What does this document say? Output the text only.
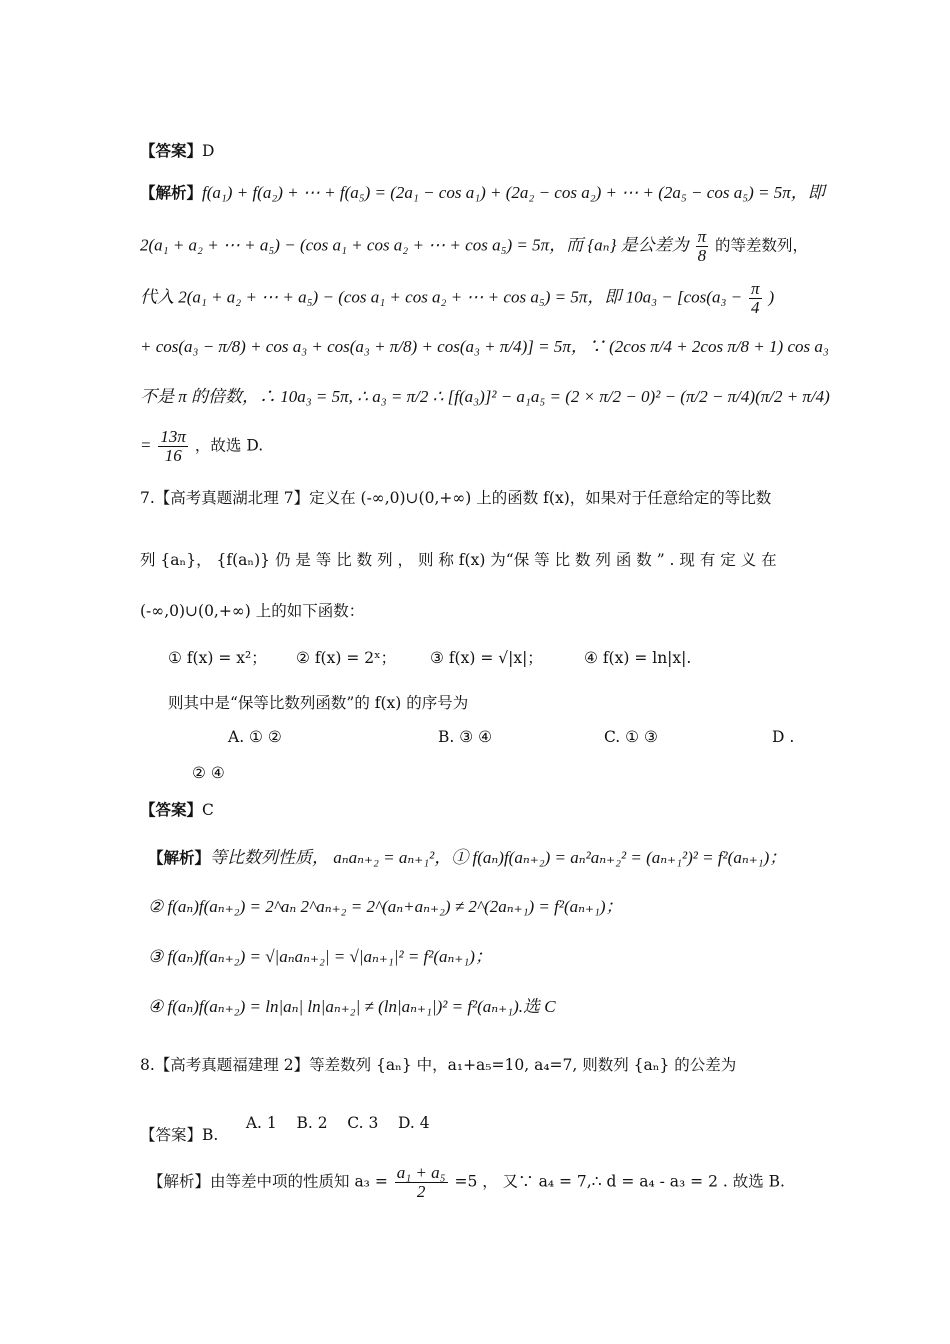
【答案】D
【解析】f(a₁) + f(a₂) + ⋯ + f(a₅) = (2a₁ − cos a₁) + (2a₂ − cos a₂) + ⋯ + (2a₅ − cos a₅) = 5π，即
2(a₁ + a₂ + ⋯ + a₅) − (cos a₁ + cos a₂ + ⋯ + cos a₅) = 5π，而 {aₙ} 是公差为 $\frac{\pi}{8}$ 的等差数列，
代入 2(a₁ + a₂ + ⋯ + a₅) − (cos a₁ + cos a₂ + ⋯ + cos a₅) = 5π，即 $10a_3 - [\cos(a_3 - \frac{\pi}{4}$ )
+ cos(a₃ − π/8) + cos a₃ + cos(a₃ + π/8) + cos(a₃ + π/4)] = 5π，∵ (2cos π/4 + 2cos π/8 + 1) cos a₃
不是 π 的倍数，∴ 10a₃ = 5π, ∴ a₃ = π/2 ∴ [f(a₃)]² − a₁a₅ = (2 × π/2 − 0)² − (π/2 − π/4)(π/2 + π/4)
= $\frac{13\pi}{16}$ ，故选 D.
7.【高考真题湖北理 7】定义在 (-∞,0)∪(0,+∞) 上的函数 f(x)，如果对于任意给定的等比数
列 {aₙ}， {f(aₙ)} 仍 是 等 比 数 列 ， 则 称 f(x) 为“保 等 比 数 列 函 数 ” . 现 有 定 义 在
(-∞,0)∪(0,+∞) 上的如下函数：
① f(x) = x²； ② f(x) = 2ˣ； ③ f(x) = √|x|；	④ f(x) = ln|x|.
则其中是“保等比数列函数”的 f(x) 的序号为
A. ① ②	B. ③ ④	C. ① ③	D .
② ④
【答案】C
【解析】等比数列性质， aₙaₙ₊₂ = aₙ₊₁²，① f(aₙ)f(aₙ₊₂) = aₙ²aₙ₊₂² = (aₙ₊₁²)² = f²(aₙ₊₁)；
② f(aₙ)f(aₙ₊₂) = 2^aₙ 2^aₙ₊₂ = 2^(aₙ+aₙ₊₂) ≠ 2^(2aₙ₊₁) = f²(aₙ₊₁)；
③ f(aₙ)f(aₙ₊₂) = √|aₙaₙ₊₂| = √|aₙ₊₁|² = f²(aₙ₊₁)；
④ f(aₙ)f(aₙ₊₂) = ln|aₙ| ln|aₙ₊₂| ≠ (ln|aₙ₊₁|)² = f²(aₙ₊₁).选 C
8.【高考真题福建理 2】等差数列 {aₙ} 中，a₁+a₅=10, a₄=7, 则数列 {aₙ} 的公差为

A. 1    B. 2    C. 3    D. 4

【答案】B.
【解析】由等差中项的性质知 $a_3 = \frac{\text{a₁ + a₅}}{2} =5$ ， 又∵ a₄ = 7,∴ d = a₄ - a₃ = 2 . 故选 B.
